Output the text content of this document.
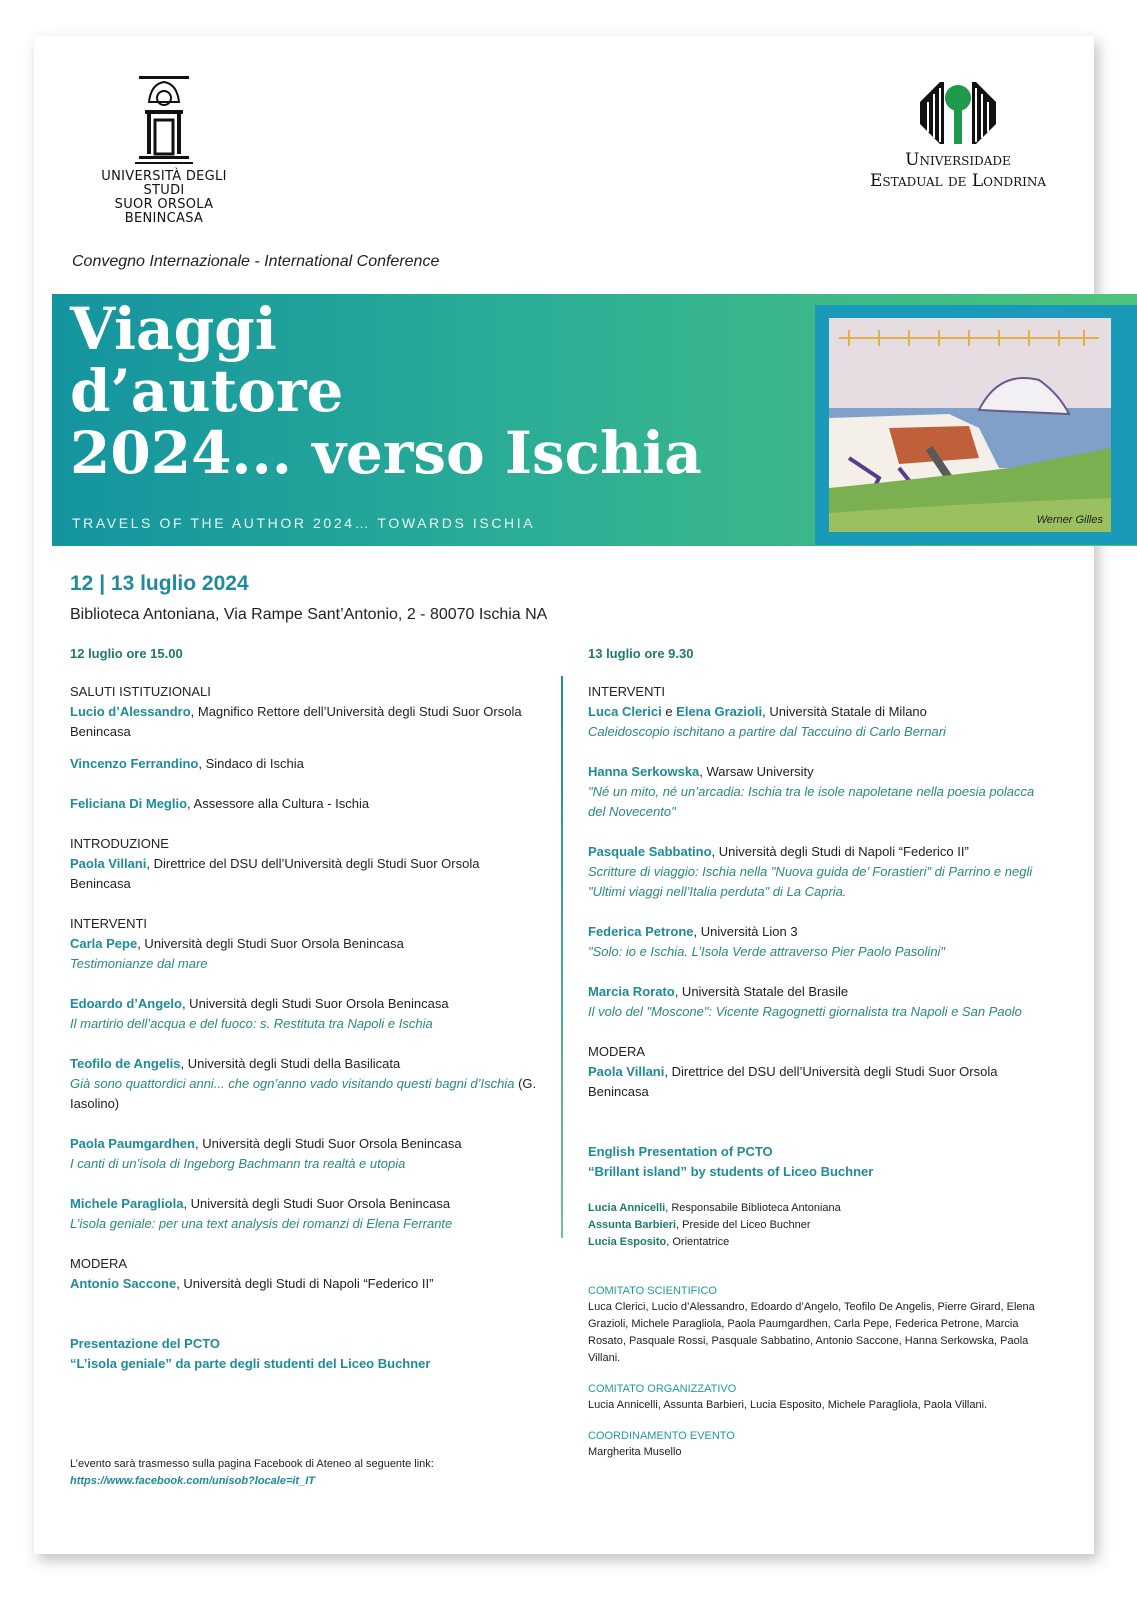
UNIVERSITÀ DEGLI STUDI
SUOR ORSOLA
BENINCASA
Universidade
Estadual de Londrina
Convegno Internazionale - International Conference
Viaggi
d’autore
2024... verso Ischia
TRAVELS OF THE AUTHOR 2024… TOWARDS ISCHIA	Werner Gilles
12 | 13 luglio 2024
Biblioteca Antoniana, Via Rampe Sant’Antonio, 2 - 80070 Ischia NA
12 luglio ore 15.00
SALUTI ISTITUZIONALI
Lucio d’Alessandro, Magnifico Rettore dell’Università degli Studi Suor Orsola Benincasa
Vincenzo Ferrandino, Sindaco di Ischia
Feliciana Di Meglio, Assessore alla Cultura - Ischia
INTRODUZIONE
Paola Villani, Direttrice del DSU dell’Università degli Studi Suor Orsola Benincasa
INTERVENTI
Carla Pepe, Università degli Studi Suor Orsola Benincasa
Testimonianze dal mare
Edoardo d’Angelo, Università degli Studi Suor Orsola Benincasa
Il martirio dell’acqua e del fuoco: s. Restituta tra Napoli e Ischia
Teofilo de Angelis, Università degli Studi della Basilicata
Già sono quattordici anni... che ogn’anno vado visitando questi bagni d’Ischia (G. Iasolino)
Paola Paumgardhen, Università degli Studi Suor Orsola Benincasa
I canti di un’isola di Ingeborg Bachmann tra realtà e utopia
Michele Paragliola, Università degli Studi Suor Orsola Benincasa
L’isola geniale: per una text analysis dei romanzi di Elena Ferrante
MODERA
Antonio Saccone, Università degli Studi di Napoli “Federico II”
Presentazione del PCTO
“L’isola geniale” da parte degli studenti del Liceo Buchner
13 luglio ore 9.30
INTERVENTI
Luca Clerici e Elena Grazioli, Università Statale di Milano
Caleidoscopio ischitano a partire dal Taccuino di Carlo Bernari
Hanna Serkowska, Warsaw University
"Né un mito, né un’arcadia: Ischia tra le isole napoletane nella poesia polacca del Novecento"
Pasquale Sabbatino, Università degli Studi di Napoli “Federico II”
Scritture di viaggio: Ischia nella "Nuova guida de’ Forastieri" di Parrino e negli "Ultimi viaggi nell’Italia perduta" di La Capria.
Federica Petrone, Università Lion 3
"Solo: io e Ischia. L’Isola Verde attraverso Pier Paolo Pasolini"
Marcia Rorato, Università Statale del Brasile
Il volo del "Moscone": Vicente Ragognetti giornalista tra Napoli e San Paolo
MODERA
Paola Villani, Direttrice del DSU dell’Università degli Studi Suor Orsola Benincasa
English Presentation of PCTO
“Brillant island” by students of Liceo Buchner
Lucia Annicelli, Responsabile Biblioteca Antoniana
Assunta Barbieri, Preside del Liceo Buchner
Lucia Esposito, Orientatrice
COMITATO SCIENTIFICO
Luca Clerici, Lucio d’Alessandro, Edoardo d’Angelo, Teofilo De Angelis, Pierre Girard, Elena Grazioli, Michele Paragliola, Paola Paumgardhen, Carla Pepe, Federica Petrone, Marcia Rosato, Pasquale Rossi, Pasquale Sabbatino, Antonio Saccone, Hanna Serkowska, Paola Villani.
COMITATO ORGANIZZATIVO
Lucia Annicelli, Assunta Barbieri, Lucia Esposito, Michele Paragliola, Paola Villani.
COORDINAMENTO EVENTO
Margherita Musello
L’evento sarà trasmesso sulla pagina Facebook di Ateneo al seguente link:
https://www.facebook.com/unisob?locale=it_IT
